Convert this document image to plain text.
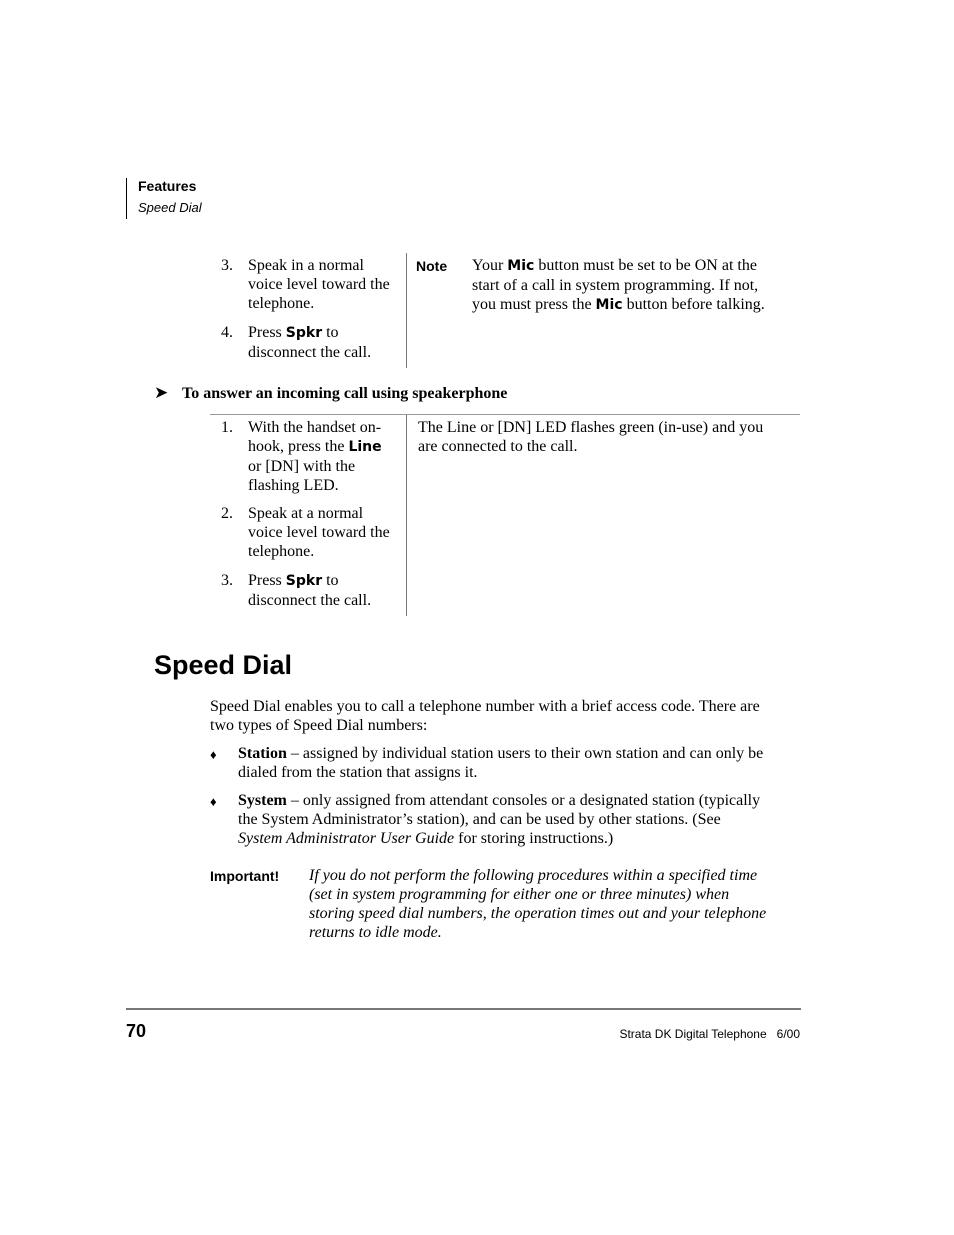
Features
Speed Dial
3. Speak in a normal
voice level toward the
telephone.
4. Press Spkr to
disconnect the call.
Note Your Mic button must be set to be ON at the
start of a call in system programming. If not,
you must press the Mic button before talking.
➤ To answer an incoming call using speakerphone
1. With the handset on-
hook, press the Line
or [DN] with the
flashing LED.
2. Speak at a normal
voice level toward the
telephone.
3. Press Spkr to
disconnect the call.
The Line or [DN] LED flashes green (in-use) and you
are connected to the call.
Speed Dial
Speed Dial enables you to call a telephone number with a brief access code. There are
two types of Speed Dial numbers:
♦ Station – assigned by individual station users to their own station and can only be
dialed from the station that assigns it.
♦ System – only assigned from attendant consoles or a designated station (typically
the System Administrator’s station), and can be used by other stations. (See
System Administrator User Guide for storing instructions.)
Important! If you do not perform the following procedures within a specified time
(set in system programming for either one or three minutes) when
storing speed dial numbers, the operation times out and your telephone
returns to idle mode.
70	Strata DK Digital Telephone   6/00
